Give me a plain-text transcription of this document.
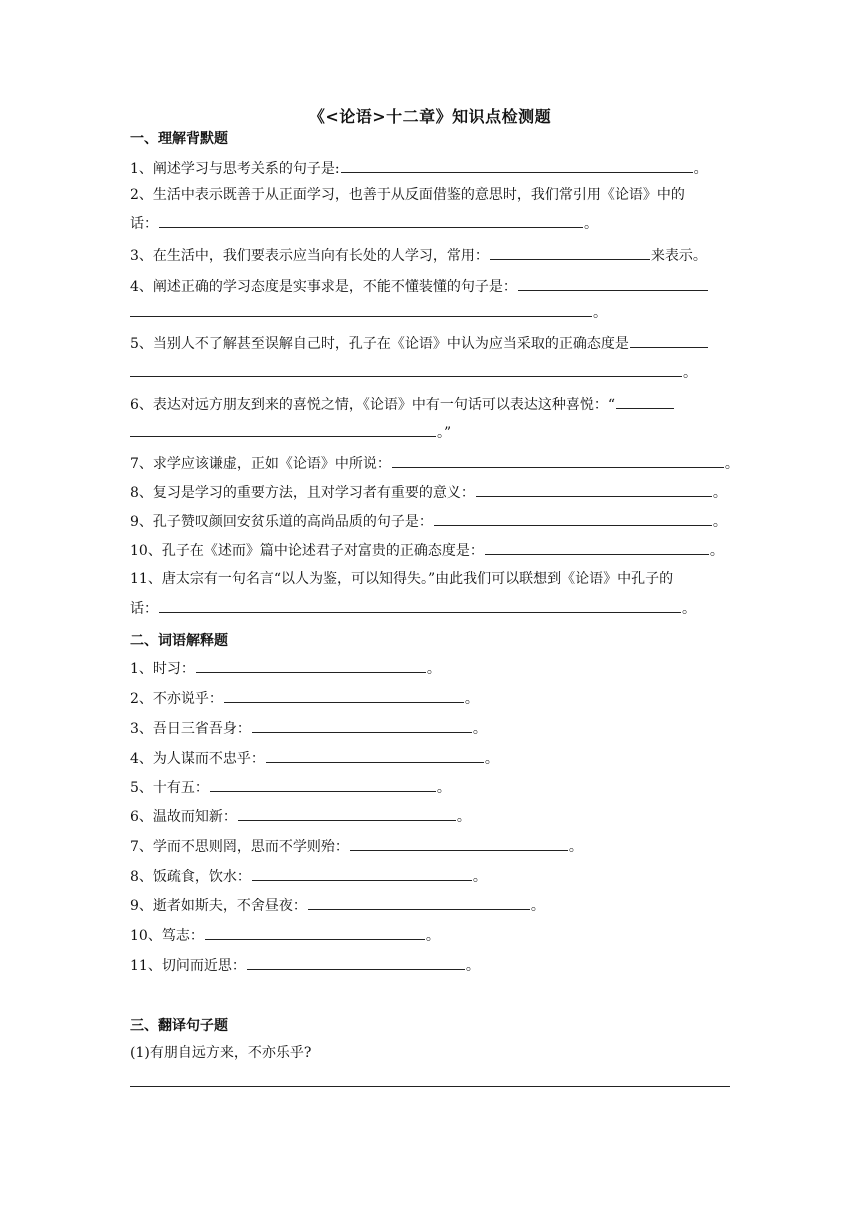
《<论语>十二章》知识点检测题
一、理解背默题
1、阐述学习与思考关系的句子是:	。
2、生活中表示既善于从正面学习，也善于从反面借鉴的意思时，我们常引用《论语》中的
话：	。
3、在生活中，我们要表示应当向有长处的人学习，常用：	来表示。
4、阐述正确的学习态度是实事求是，不能不懂装懂的句子是：
。
5、当别人不了解甚至误解自己时，孔子在《论语》中认为应当采取的正确态度是
。
6、表达对远方朋友到来的喜悦之情，《论语》中有一句话可以表达这种喜悦：“
。”
7、求学应该谦虚，正如《论语》中所说：	。
8、复习是学习的重要方法，且对学习者有重要的意义：	。
9、孔子赞叹颜回安贫乐道的高尚品质的句子是：	。
10、孔子在《述而》篇中论述君子对富贵的正确态度是：	。
11、唐太宗有一句名言“以人为鉴，可以知得失。”由此我们可以联想到《论语》中孔子的
话：	。
二、词语解释题
1、时习：	。
2、不亦说乎：	。
3、吾日三省吾身：	。
4、为人谋而不忠乎：	。
5、十有五：	。
6、温故而知新：	。
7、学而不思则罔，思而不学则殆：	。
8、饭疏食，饮水：	。
9、逝者如斯夫，不舍昼夜：	。
10、笃志：	。
11、切问而近思：	。
三、翻译句子题
(1)有朋自远方来，不亦乐乎?
